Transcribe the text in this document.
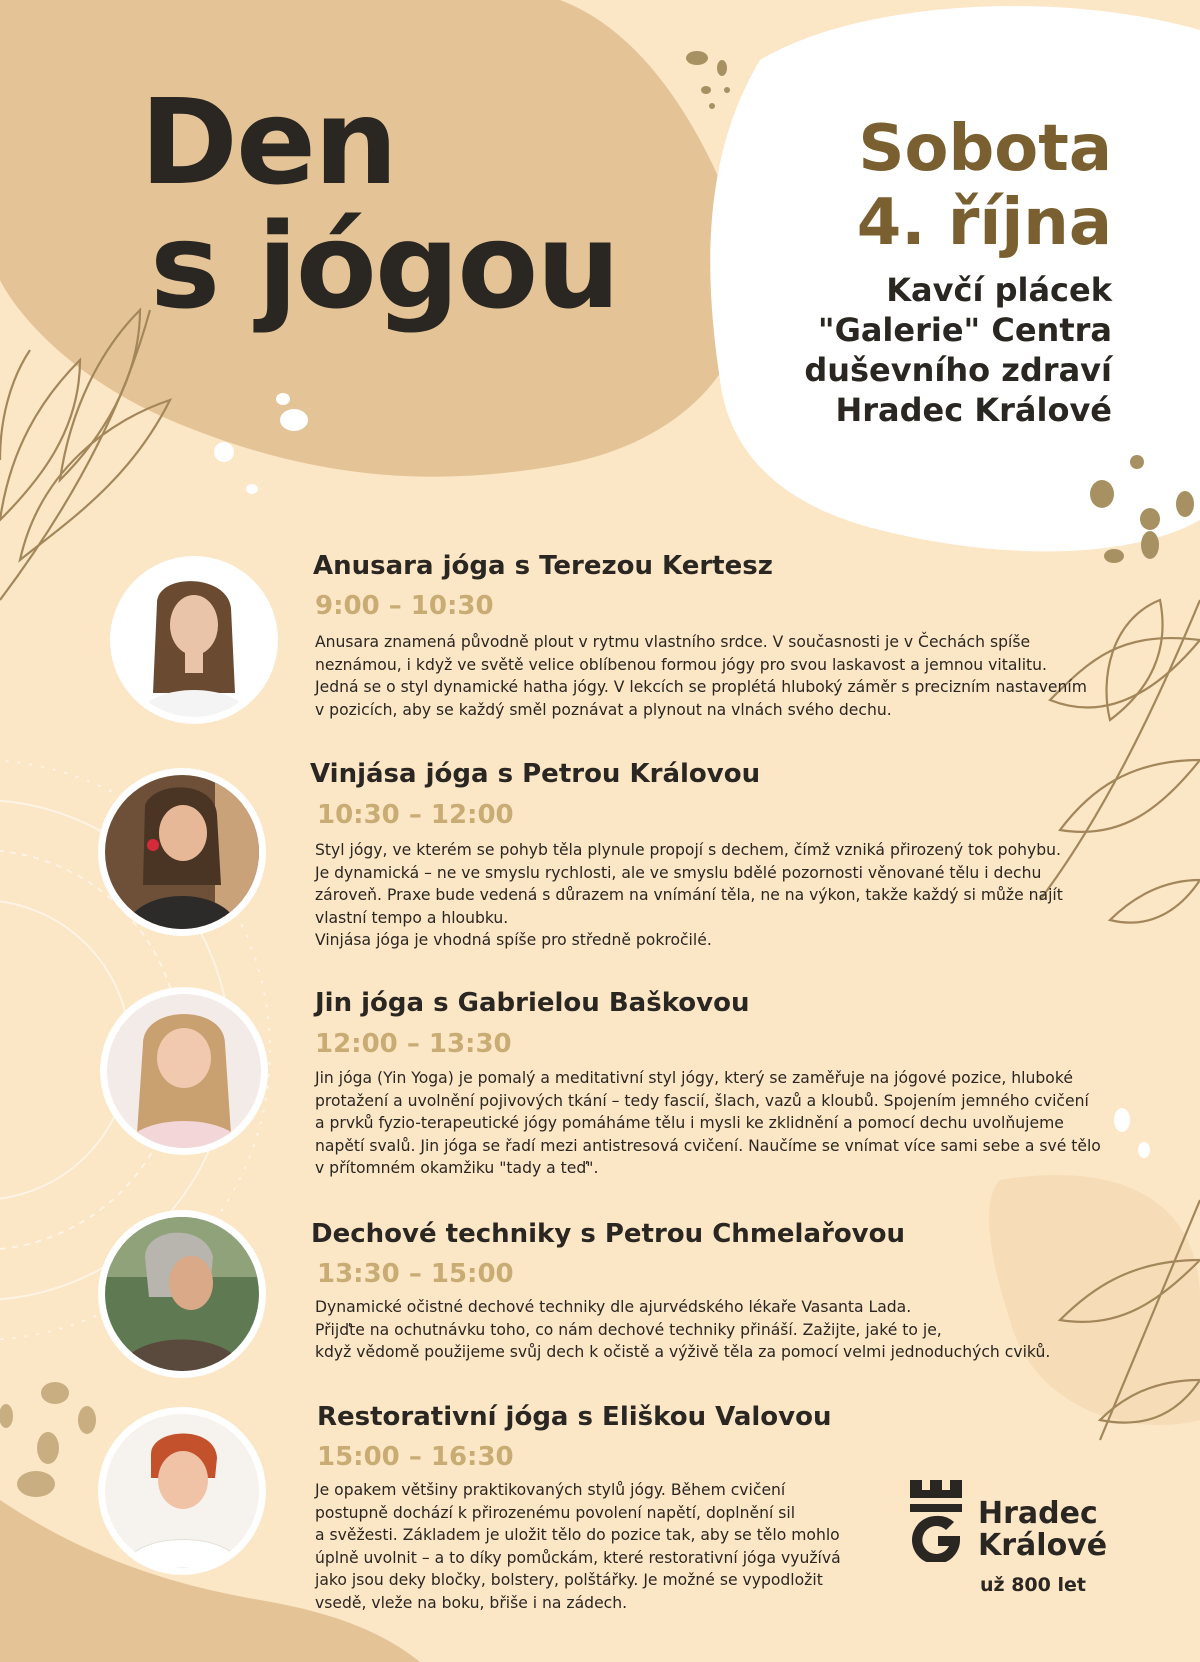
Den
s jógou
Sobota
4. října
Kavčí plácek
"Galerie" Centra
duševního zdraví
Hradec Králové
Anusara jóga s Terezou Kertesz
9:00 – 10:30
Anusara znamená původně plout v rytmu vlastního srdce. V současnosti je v Čechách spíše
neznámou, i když ve světě velice oblíbenou formou jógy pro svou laskavost a jemnou vitalitu.
Jedná se o styl dynamické hatha jógy. V lekcích se proplétá hluboký záměr s precizním nastavením
v pozicích, aby se každý směl poznávat a plynout na vlnách svého dechu.
Vinjása jóga s Petrou Královou
10:30 – 12:00
Styl jógy, ve kterém se pohyb těla plynule propojí s dechem, čímž vzniká přirozený tok pohybu.
Je dynamická – ne ve smyslu rychlosti, ale ve smyslu bdělé pozornosti věnované tělu i dechu
zároveň. Praxe bude vedená s důrazem na vnímání těla, ne na výkon, takže každý si může najít
vlastní tempo a hloubku.
Vinjása jóga je vhodná spíše pro středně pokročilé.
Jin jóga s Gabrielou Baškovou
12:00 – 13:30
Jin jóga (Yin Yoga) je pomalý a meditativní styl jógy, který se zaměřuje na jógové pozice, hluboké
protažení a uvolnění pojivových tkání – tedy fascií, šlach, vazů a kloubů. Spojením jemného cvičení
a prvků fyzio-terapeutické jógy pomáháme tělu i mysli ke zklidnění a pomocí dechu uvolňujeme
napětí svalů. Jin jóga se řadí mezi antistresová cvičení. Naučíme se vnímat více sami sebe a své tělo
v přítomném okamžiku "tady a teď".
Dechové techniky s Petrou Chmelařovou
13:30 – 15:00
Dynamické očistné dechové techniky dle ajurvédského lékaře Vasanta Lada.
Přijďte na ochutnávku toho, co nám dechové techniky přináší. Zažijte, jaké to je,
když vědomě použijeme svůj dech k očistě a výživě těla za pomocí velmi jednoduchých cviků.
Restorativní jóga s Eliškou Valovou
15:00 – 16:30
Je opakem většiny praktikovaných stylů jógy. Během cvičení
postupně dochází k přirozenému povolení napětí, doplnění sil
a svěžesti. Základem je uložit tělo do pozice tak, aby se tělo mohlo
úplně uvolnit – a to díky pomůckám, které restorativní jóga využívá
jako jsou deky bločky, bolstery, polštářky. Je možné se vypodložit
vsedě, vleže na boku, břiše i na zádech.
Hradec
Králové
už 800 let
